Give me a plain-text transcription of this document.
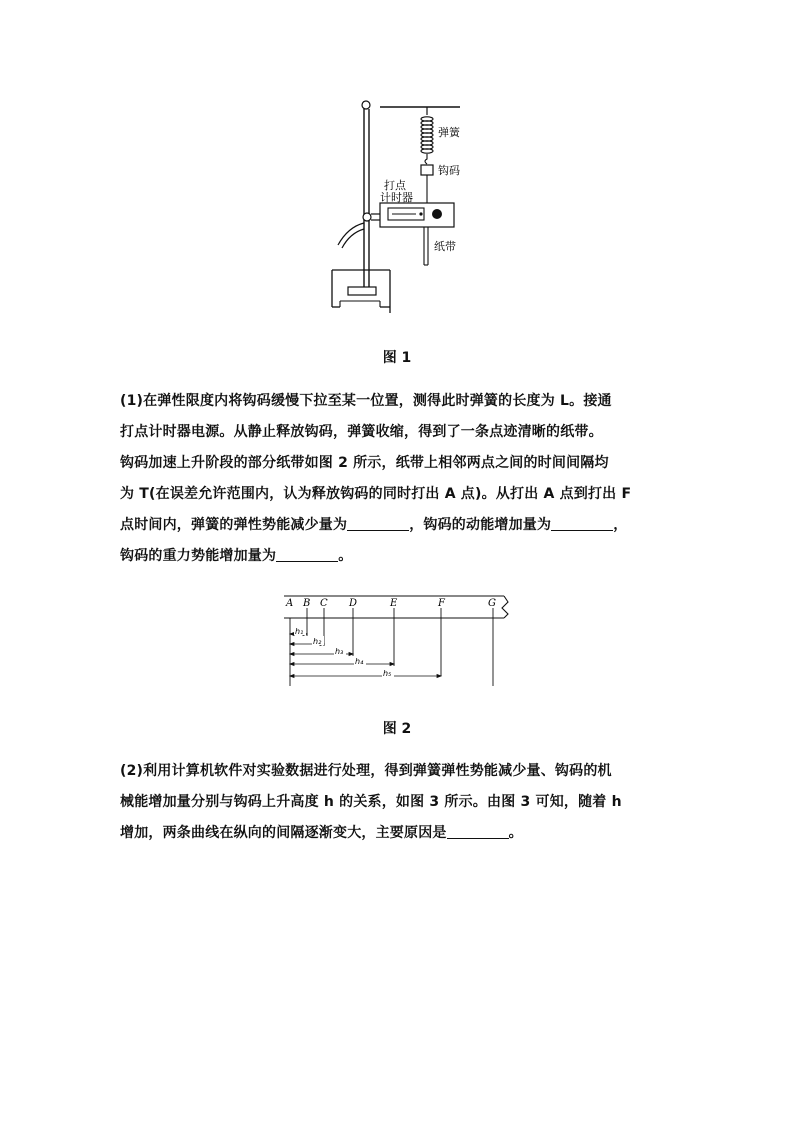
弹簧
钩码
打点
计时器
纸带
图 1
(1)在弹性限度内将钩码缓慢下拉至某一位置，测得此时弹簧的长度为 L。接通
打点计时器电源。从静止释放钩码，弹簧收缩，得到了一条点迹清晰的纸带。
钩码加速上升阶段的部分纸带如图 2 所示，纸带上相邻两点之间的时间间隔均
为 T(在误差允许范围内，认为释放钩码的同时打出 A 点)。从打出 A 点到打出 F
点时间内，弹簧的弹性势能减少量为	，钩码的动能增加量为	，
钩码的重力势能增加量为	。
A B C D	E	F	G
h₁
h₂
h₃
h₄
h₅
图 2
(2)利用计算机软件对实验数据进行处理，得到弹簧弹性势能减少量、钩码的机
械能增加量分别与钩码上升高度 h 的关系，如图 3 所示。由图 3 可知，随着 h
增加，两条曲线在纵向的间隔逐渐变大，主要原因是	。
